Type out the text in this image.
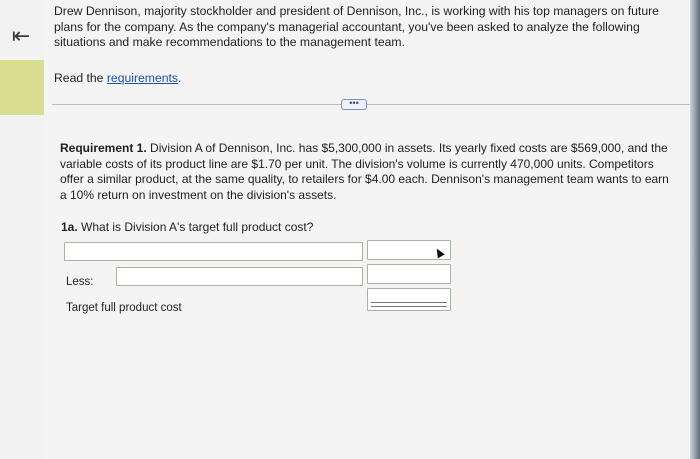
⇤

Drew Dennison, majority stockholder and president of Dennison, Inc., is working with his top managers on future plans for the company. As the company's managerial accountant, you've been asked to analyze the following situations and make recommendations to the management team.

Read the requirements.

•••

Requirement 1. Division A of Dennison, Inc. has $5,300,000 in assets. Its yearly fixed costs are $569,000, and the variable costs of its product line are $1.70 per unit. The division's volume is currently 470,000 units. Competitors offer a similar product, at the same quality, to retailers for $4.00 each. Dennison's management team wants to earn a 10% return on investment on the division's assets.

1a. What is Division A's target full product cost?

Less:
Target full product cost
